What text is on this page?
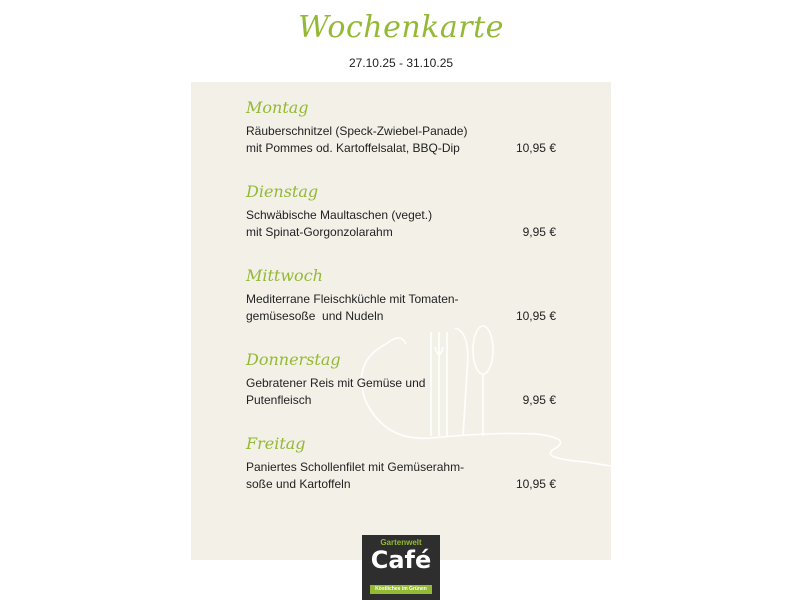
Wochenkarte
27.10.25 - 31.10.25
Montag
Räuberschnitzel (Speck-Zwiebel-Panade)
mit Pommes od. Kartoffelsalat, BBQ-Dip	10,95 €
Dienstag
Schwäbische Maultaschen (veget.)
mit Spinat-Gorgonzolarahm	9,95 €
Mittwoch
Mediterrane Fleischküchle mit Tomaten-
gemüsesoße  und Nudeln	10,95 €
Donnerstag
Gebratener Reis mit Gemüse und
Putenfleisch	9,95 €
Freitag
Paniertes Schollenfilet mit Gemüserahm-
soße und Kartoffeln	10,95 €
Gartenwelt
Café
Köstliches im Grünen
